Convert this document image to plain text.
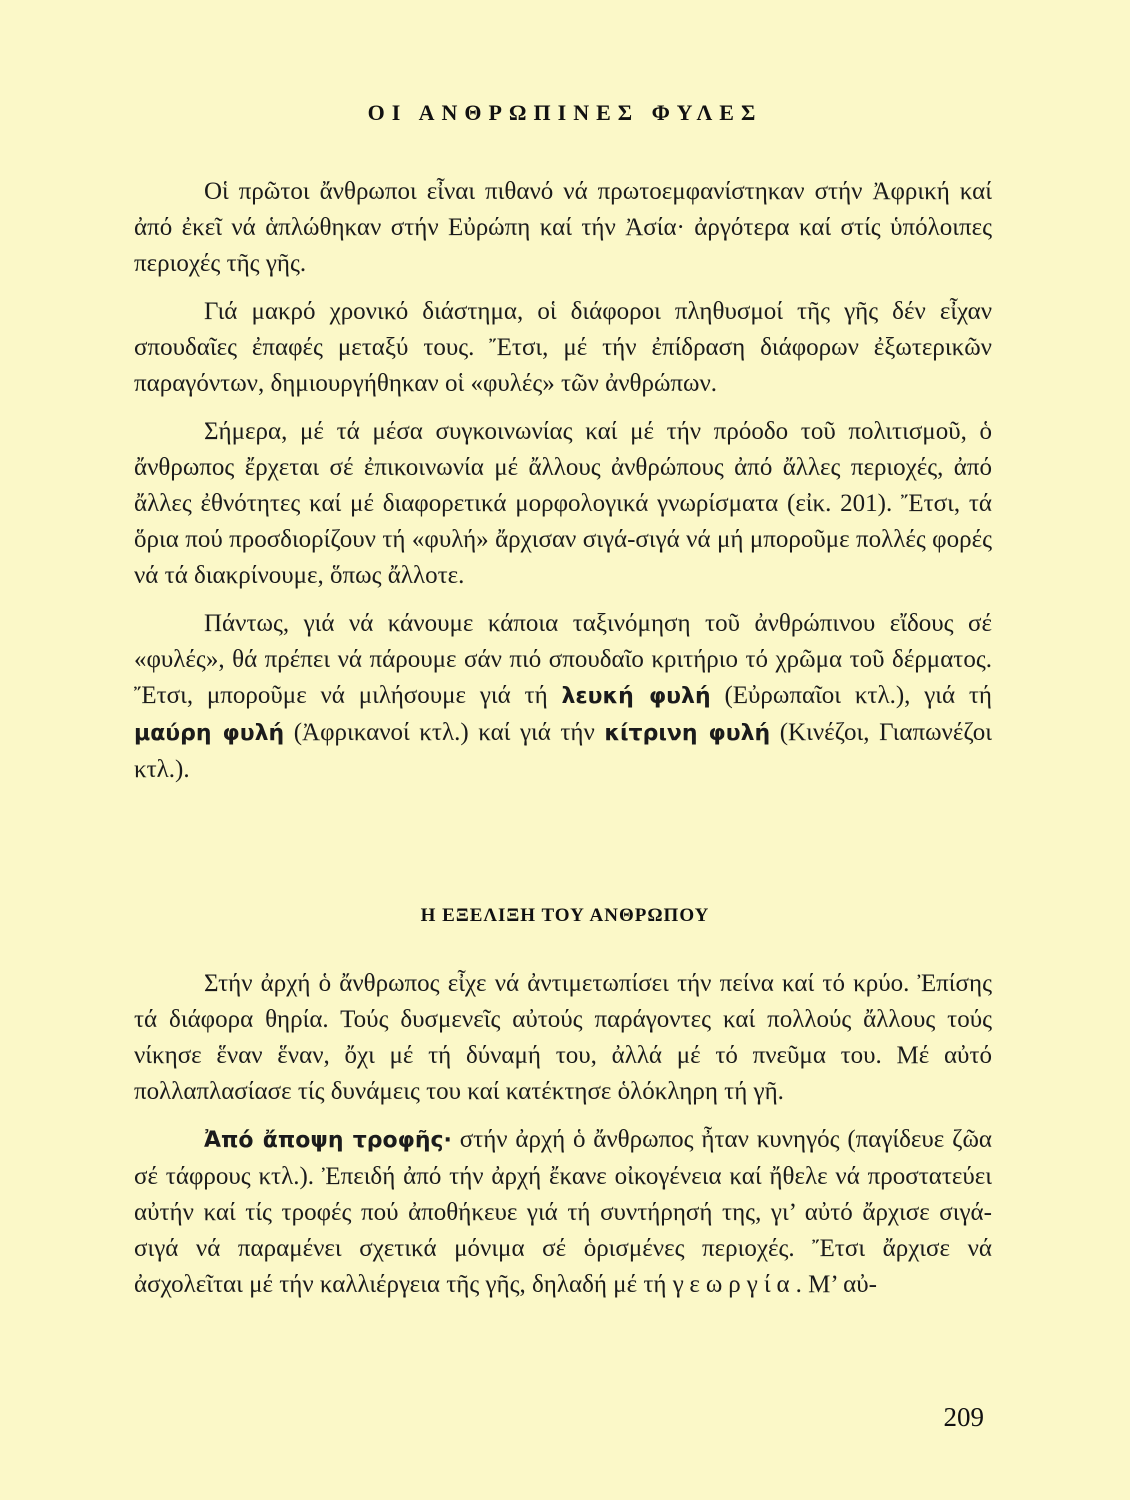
ΟΙ ΑΝΘΡΩΠΙΝΕΣ ΦΥΛΕΣ

Οἱ πρῶτοι ἄνθρωποι εἶναι πιθανό νά πρωτοεμφανίστηκαν στήν Ἀφρική καί ἀπό ἐκεῖ νά ἁπλώθηκαν στήν Εὐρώπη καί τήν Ἀσία· ἀργότερα καί στίς ὑπόλοιπες περιοχές τῆς γῆς.

Γιά μακρό χρονικό διάστημα, οἱ διάφοροι πληθυσμοί τῆς γῆς δέν εἶχαν σπουδαῖες ἐπαφές μεταξύ τους. Ἔτσι, μέ τήν ἐπίδραση διάφορων ἐξωτερικῶν παραγόντων, δημιουργήθηκαν οἱ «φυλές» τῶν ἀνθρώπων.

Σήμερα, μέ τά μέσα συγκοινωνίας καί μέ τήν πρόοδο τοῦ πολιτισμοῦ, ὁ ἄνθρωπος ἔρχεται σέ ἐπικοινωνία μέ ἄλλους ἀνθρώπους ἀπό ἄλλες περιοχές, ἀπό ἄλλες ἐθνότητες καί μέ διαφορετικά μορφολογικά γνωρίσματα (εἰκ. 201). Ἔτσι, τά ὅρια πού προσδιορίζουν τή «φυλή» ἄρχισαν σιγά-σιγά νά μή μποροῦμε πολλές φορές νά τά διακρίνουμε, ὅπως ἄλλοτε.

Πάντως, γιά νά κάνουμε κάποια ταξινόμηση τοῦ ἀνθρώπινου εἴδους σέ «φυλές», θά πρέπει νά πάρουμε σάν πιό σπουδαῖο κριτήριο τό χρῶμα τοῦ δέρματος. Ἔτσι, μποροῦμε νά μιλήσουμε γιά τή λευκή φυλή (Εὐρωπαῖοι κτλ.), γιά τή μαύρη φυλή (Ἀφρικανοί κτλ.) καί γιά τήν κίτρινη φυλή (Κινέζοι, Γιαπωνέζοι κτλ.).

Η ΕΞΕΛΙΞΗ ΤΟΥ ΑΝΘΡΩΠΟΥ

Στήν ἀρχή ὁ ἄνθρωπος εἶχε νά ἀντιμετωπίσει τήν πείνα καί τό κρύο. Ἐπίσης τά διάφορα θηρία. Τούς δυσμενεῖς αὐτούς παράγοντες καί πολλούς ἄλλους τούς νίκησε ἕναν ἕναν, ὄχι μέ τή δύναμή του, ἀλλά μέ τό πνεῦμα του. Μέ αὐτό πολλαπλασίασε τίς δυνάμεις του καί κατέκτησε ὁλόκληρη τή γῆ.

Ἀπό ἄποψη τροφῆς· στήν ἀρχή ὁ ἄνθρωπος ἦταν κυνηγός (παγίδευε ζῶα σέ τάφρους κτλ.). Ἐπειδή ἀπό τήν ἀρχή ἔκανε οἰκογένεια καί ἤθελε νά προστατεύει αὐτήν καί τίς τροφές πού ἀποθήκευε γιά τή συντήρησή της, γι’ αὐτό ἄρχισε σιγά-σιγά νά παραμένει σχετικά μόνιμα σέ ὁρισμένες περιοχές. Ἔτσι ἄρχισε νά ἀσχολεῖται μέ τήν καλλιέργεια τῆς γῆς, δηλαδή μέ τή γεωργία. Μ’ αὐ-

209
